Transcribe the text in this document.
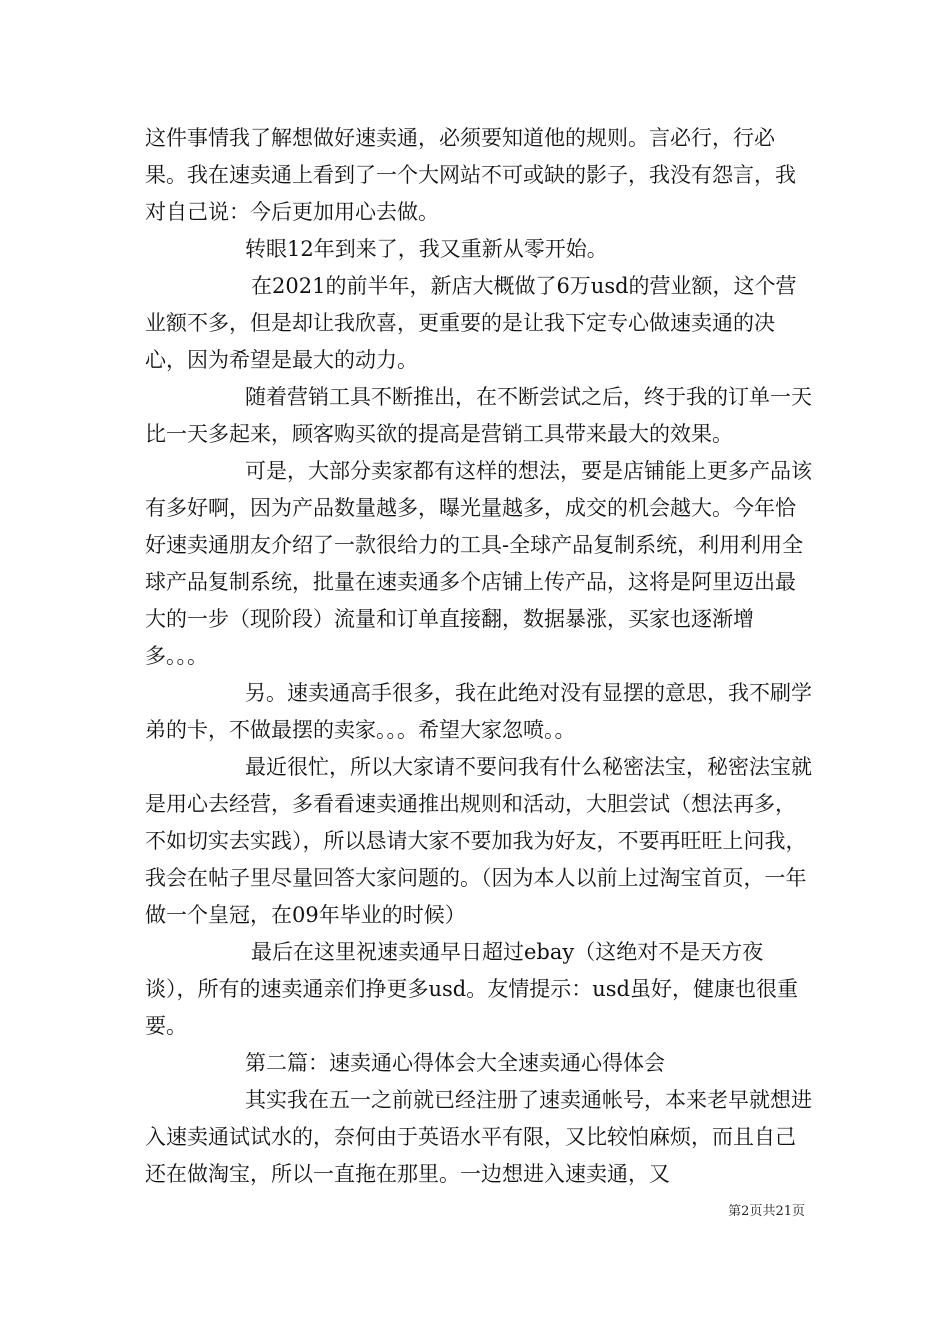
这件事情我了解想做好速卖通，必须要知道他的规则。言必行，行必果。我在速卖通上看到了一个大网站不可或缺的影子，我没有怨言，我对自己说：今后更加用心去做。

转眼12年到来了，我又重新从零开始。

在2021的前半年，新店大概做了6万usd的营业额，这个营业额不多，但是却让我欣喜，更重要的是让我下定专心做速卖通的决心，因为希望是最大的动力。

随着营销工具不断推出，在不断尝试之后，终于我的订单一天比一天多起来，顾客购买欲的提高是营销工具带来最大的效果。

可是，大部分卖家都有这样的想法，要是店铺能上更多产品该有多好啊，因为产品数量越多，曝光量越多，成交的机会越大。今年恰好速卖通朋友介绍了一款很给力的工具-全球产品复制系统，利用利用全球产品复制系统，批量在速卖通多个店铺上传产品，这将是阿里迈出最大的一步（现阶段）流量和订单直接翻，数据暴涨，买家也逐渐增多。。。

另。速卖通高手很多，我在此绝对没有显摆的意思，我不刷学弟的卡，不做最摆的卖家。。。希望大家忽喷。。

最近很忙，所以大家请不要问我有什么秘密法宝，秘密法宝就是用心去经营，多看看速卖通推出规则和活动，大胆尝试（想法再多，不如切实去实践），所以恳请大家不要加我为好友，不要再旺旺上问我，我会在帖子里尽量回答大家问题的。（因为本人以前上过淘宝首页，一年做一个皇冠，在09年毕业的时候）

最后在这里祝速卖通早日超过ebay（这绝对不是天方夜谈），所有的速卖通亲们挣更多usd。友情提示：usd虽好，健康也很重要。

第二篇：速卖通心得体会大全速卖通心得体会

其实我在五一之前就已经注册了速卖通帐号，本来老早就想进入速卖通试试水的，奈何由于英语水平有限，又比较怕麻烦，而且自己还在做淘宝，所以一直拖在那里。一边想进入速卖通，又

第2页共21页
